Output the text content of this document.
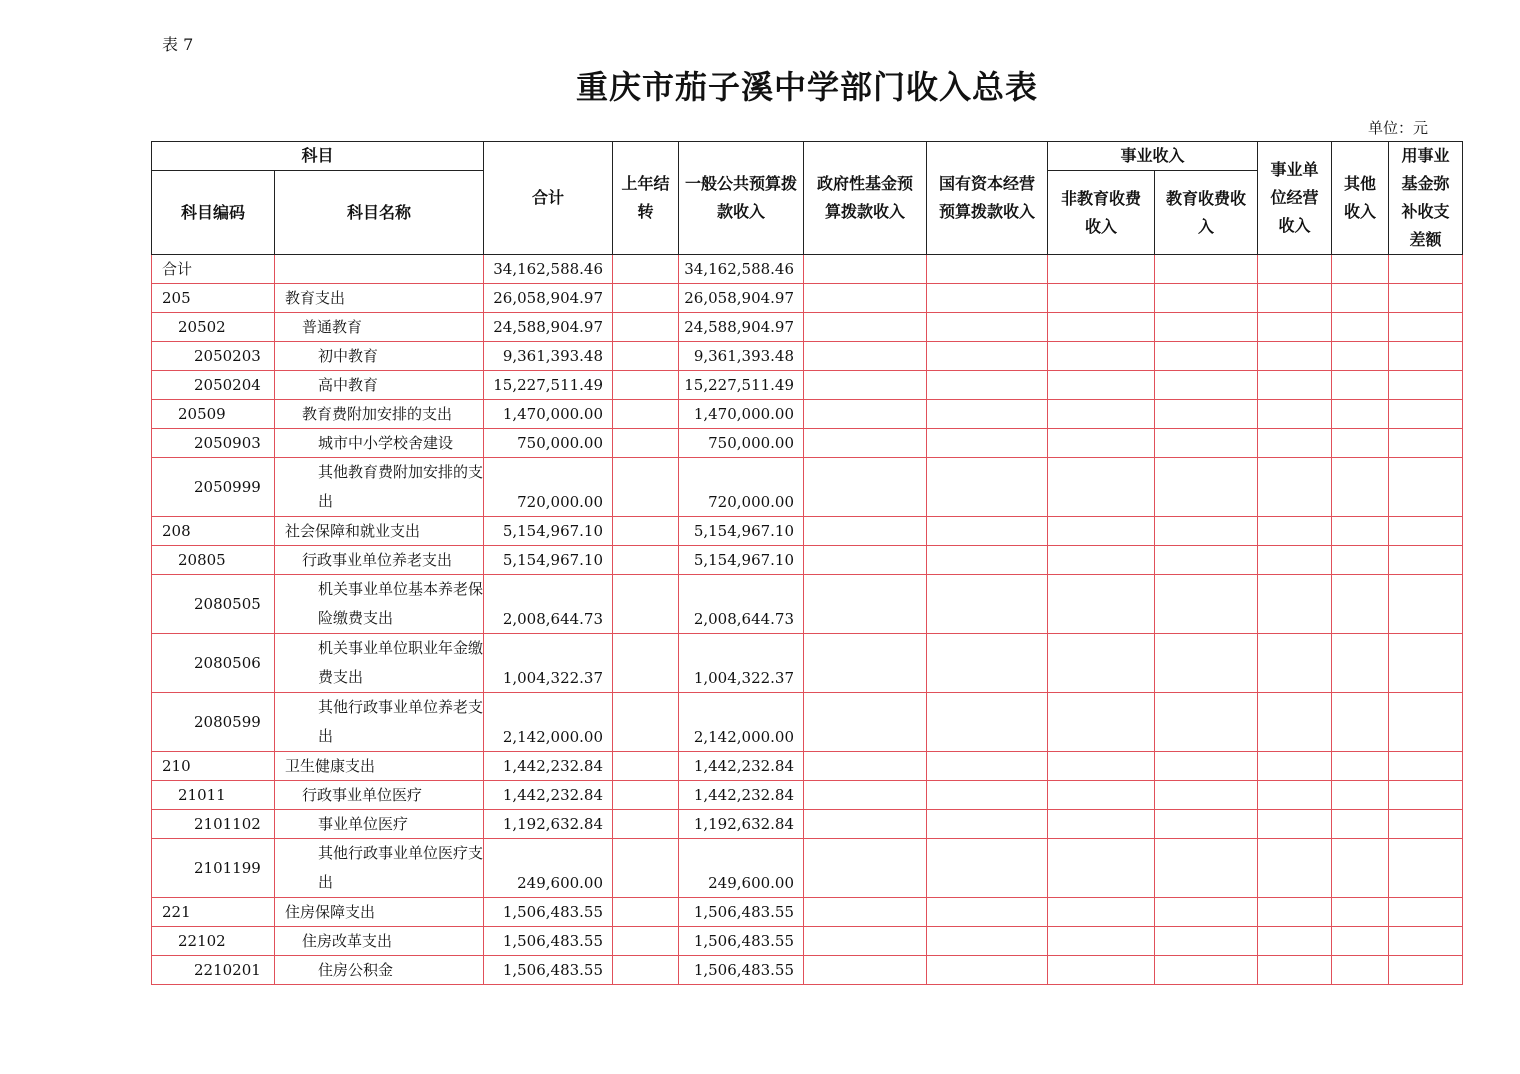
表 7
重庆市茄子溪中学部门收入总表
单位：元
科目		合计	上年结转	一般公共预算拨款收入	政府性基金预算拨款收入	国有资本经营预算拨款收入	事业收入		事业单位经营收入	其他收入	用事业基金弥补收支差额
科目编码	科目名称						非教育收费收入	教育收费收入			
合计		34,162,588.46		34,162,588.46							
205	教育支出	26,058,904.97		26,058,904.97							
20502	普通教育	24,588,904.97		24,588,904.97							
2050203	初中教育	9,361,393.48		9,361,393.48							
2050204	高中教育	15,227,511.49		15,227,511.49							
20509	教育费附加安排的支出	1,470,000.00		1,470,000.00							
2050903	城市中小学校舍建设	750,000.00		750,000.00							
2050999	其他教育费附加安排的支出	720,000.00		720,000.00							
208	社会保障和就业支出	5,154,967.10		5,154,967.10							
20805	行政事业单位养老支出	5,154,967.10		5,154,967.10							
2080505	机关事业单位基本养老保险缴费支出	2,008,644.73		2,008,644.73							
2080506	机关事业单位职业年金缴费支出	1,004,322.37		1,004,322.37							
2080599	其他行政事业单位养老支出	2,142,000.00		2,142,000.00							
210	卫生健康支出	1,442,232.84		1,442,232.84							
21011	行政事业单位医疗	1,442,232.84		1,442,232.84							
2101102	事业单位医疗	1,192,632.84		1,192,632.84							
2101199	其他行政事业单位医疗支出	249,600.00		249,600.00							
221	住房保障支出	1,506,483.55		1,506,483.55							
22102	住房改革支出	1,506,483.55		1,506,483.55							
2210201	住房公积金	1,506,483.55		1,506,483.55							
